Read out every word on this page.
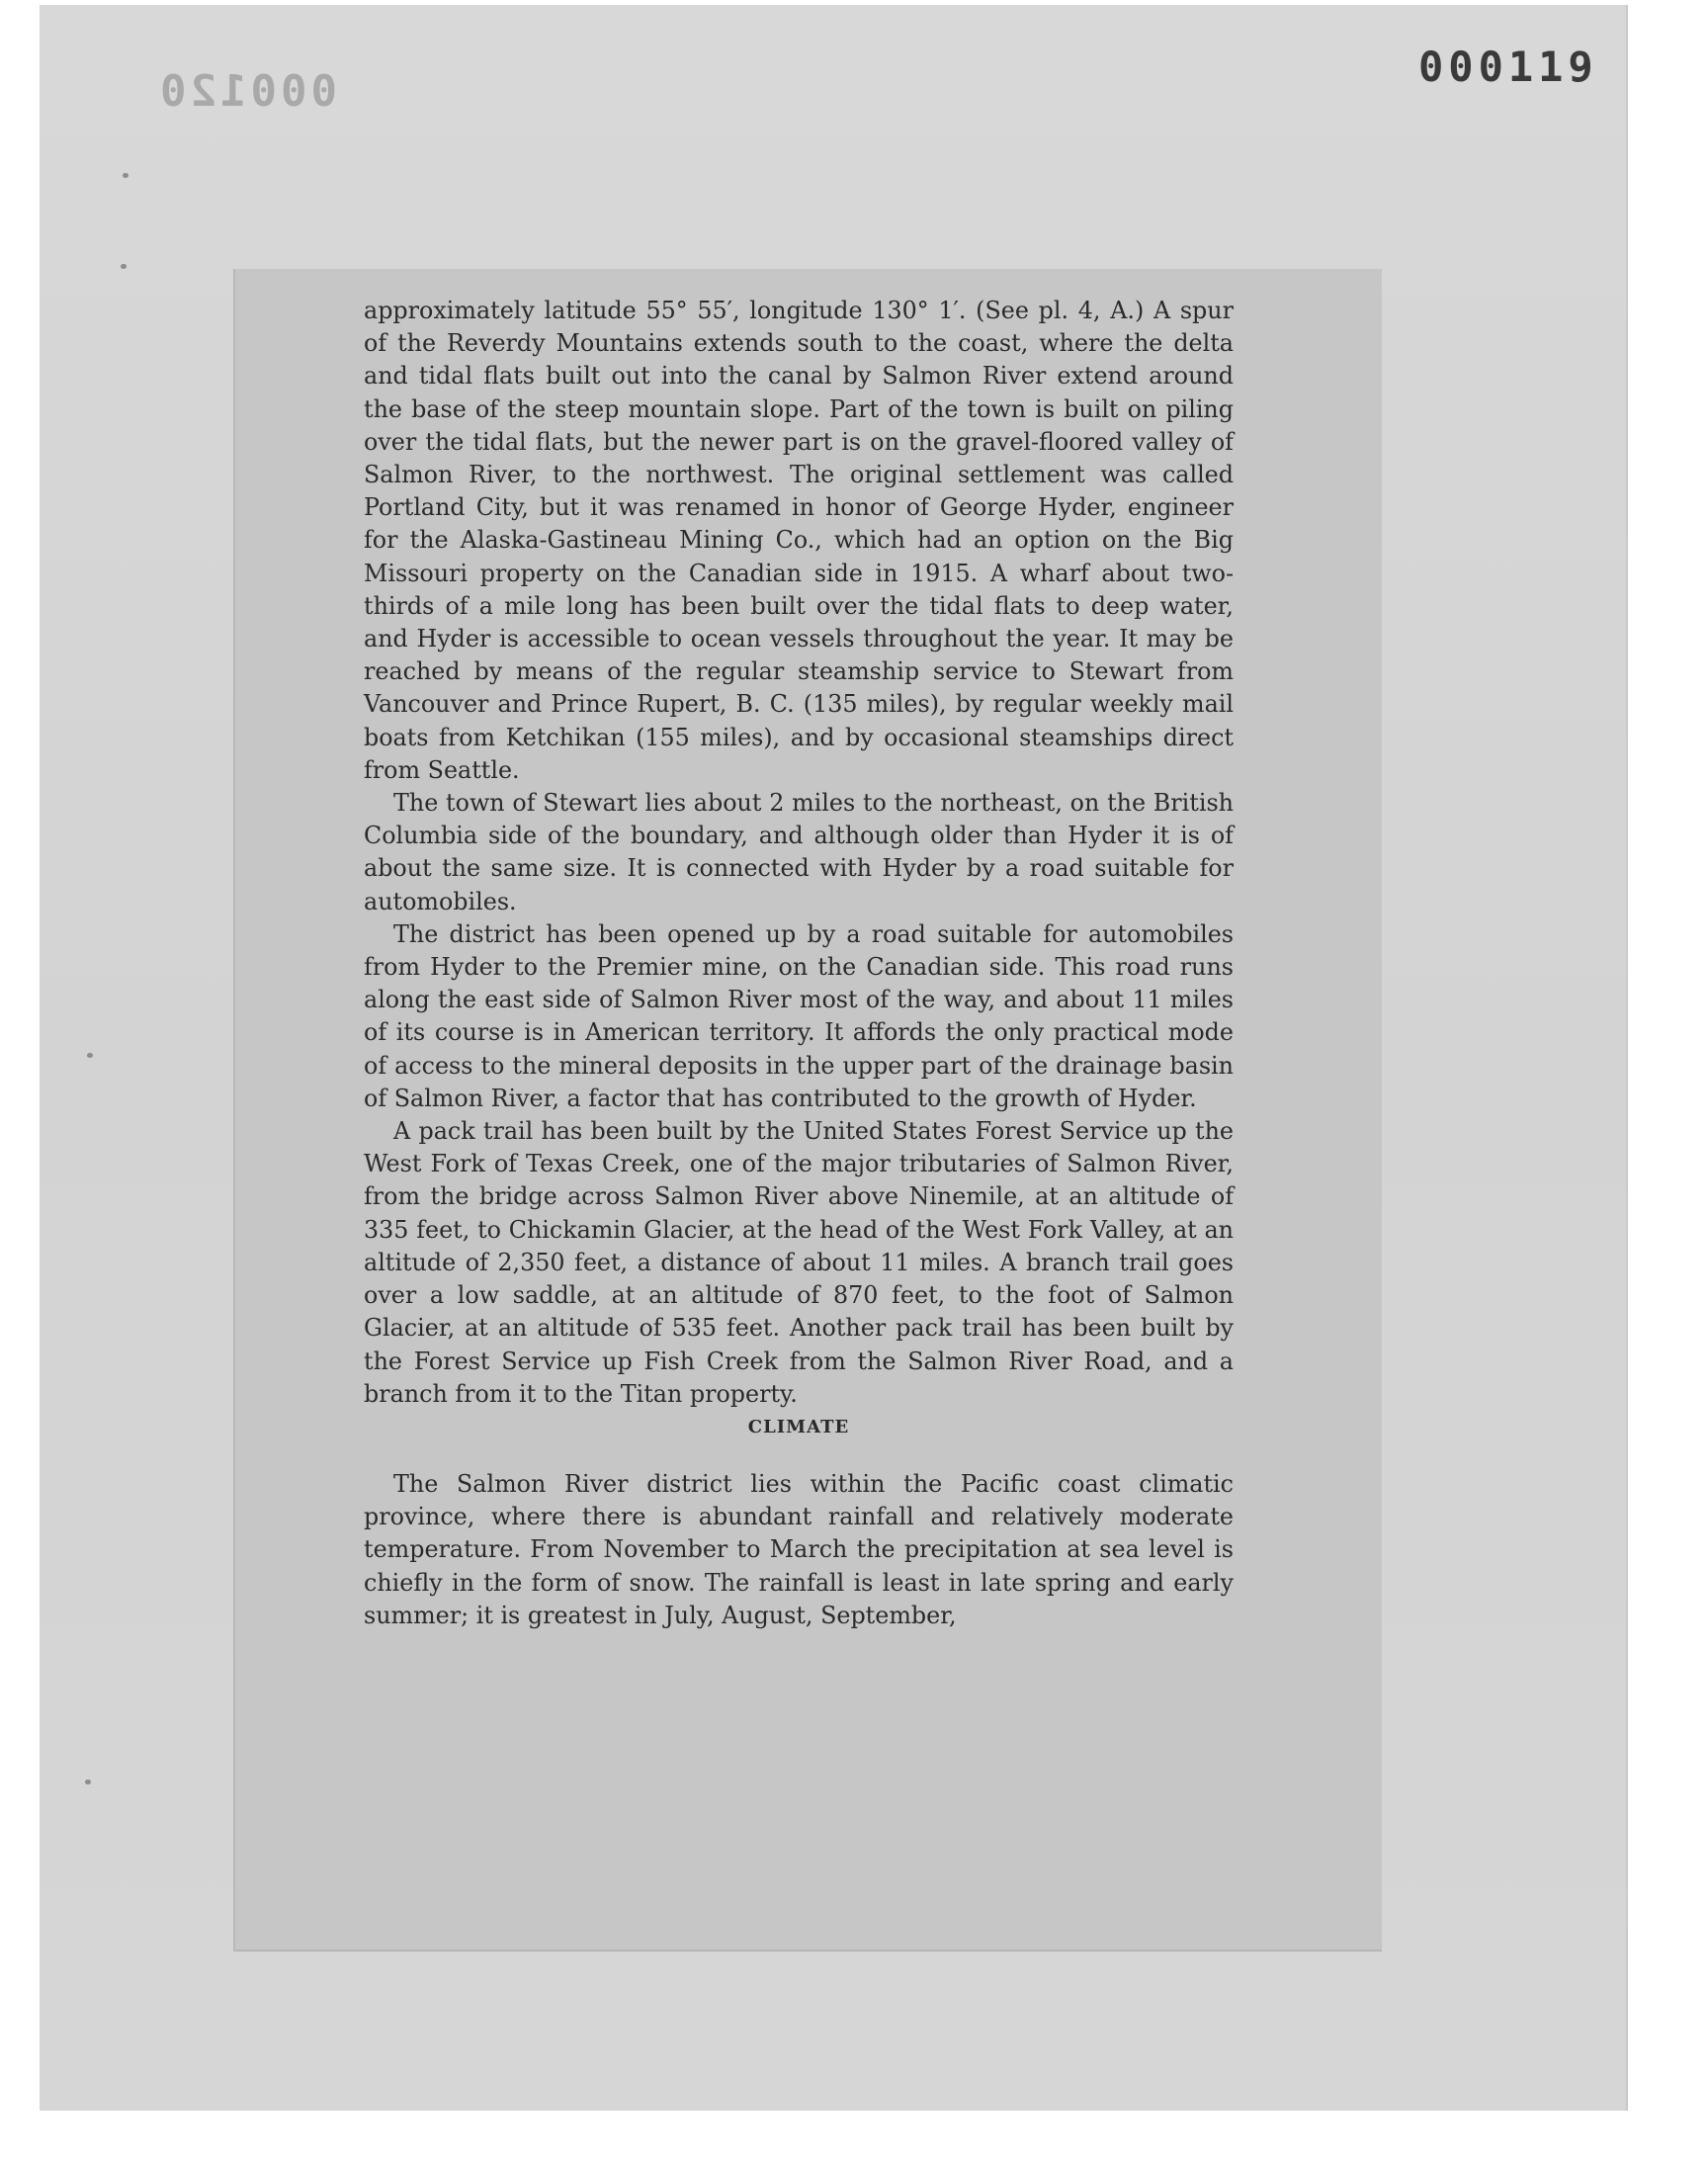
000120	000119

approximately latitude 55° 55′, longitude 130° 1′. (See pl. 4, A.) A spur of the Reverdy Mountains extends south to the coast, where the delta and tidal flats built out into the canal by Salmon River extend around the base of the steep mountain slope. Part of the town is built on piling over the tidal flats, but the newer part is on the gravel-floored valley of Salmon River, to the northwest. The original settlement was called Portland City, but it was renamed in honor of George Hyder, engineer for the Alaska-Gastineau Mining Co., which had an option on the Big Missouri property on the Canadian side in 1915. A wharf about two-thirds of a mile long has been built over the tidal flats to deep water, and Hyder is accessible to ocean vessels throughout the year. It may be reached by means of the regular steamship service to Stewart from Vancouver and Prince Rupert, B. C. (135 miles), by regular weekly mail boats from Ketchikan (155 miles), and by occasional steamships direct from Seattle.

The town of Stewart lies about 2 miles to the northeast, on the British Columbia side of the boundary, and although older than Hyder it is of about the same size. It is connected with Hyder by a road suitable for automobiles.

The district has been opened up by a road suitable for automobiles from Hyder to the Premier mine, on the Canadian side. This road runs along the east side of Salmon River most of the way, and about 11 miles of its course is in American territory. It affords the only practical mode of access to the mineral deposits in the upper part of the drainage basin of Salmon River, a factor that has contributed to the growth of Hyder.

A pack trail has been built by the United States Forest Service up the West Fork of Texas Creek, one of the major tributaries of Salmon River, from the bridge across Salmon River above Ninemile, at an altitude of 335 feet, to Chickamin Glacier, at the head of the West Fork Valley, at an altitude of 2,350 feet, a distance of about 11 miles. A branch trail goes over a low saddle, at an altitude of 870 feet, to the foot of Salmon Glacier, at an altitude of 535 feet. Another pack trail has been built by the Forest Service up Fish Creek from the Salmon River Road, and a branch from it to the Titan property.

CLIMATE

The Salmon River district lies within the Pacific coast climatic province, where there is abundant rainfall and relatively moderate temperature. From November to March the precipitation at sea level is chiefly in the form of snow. The rainfall is least in late spring and early summer; it is greatest in July, August, September,
